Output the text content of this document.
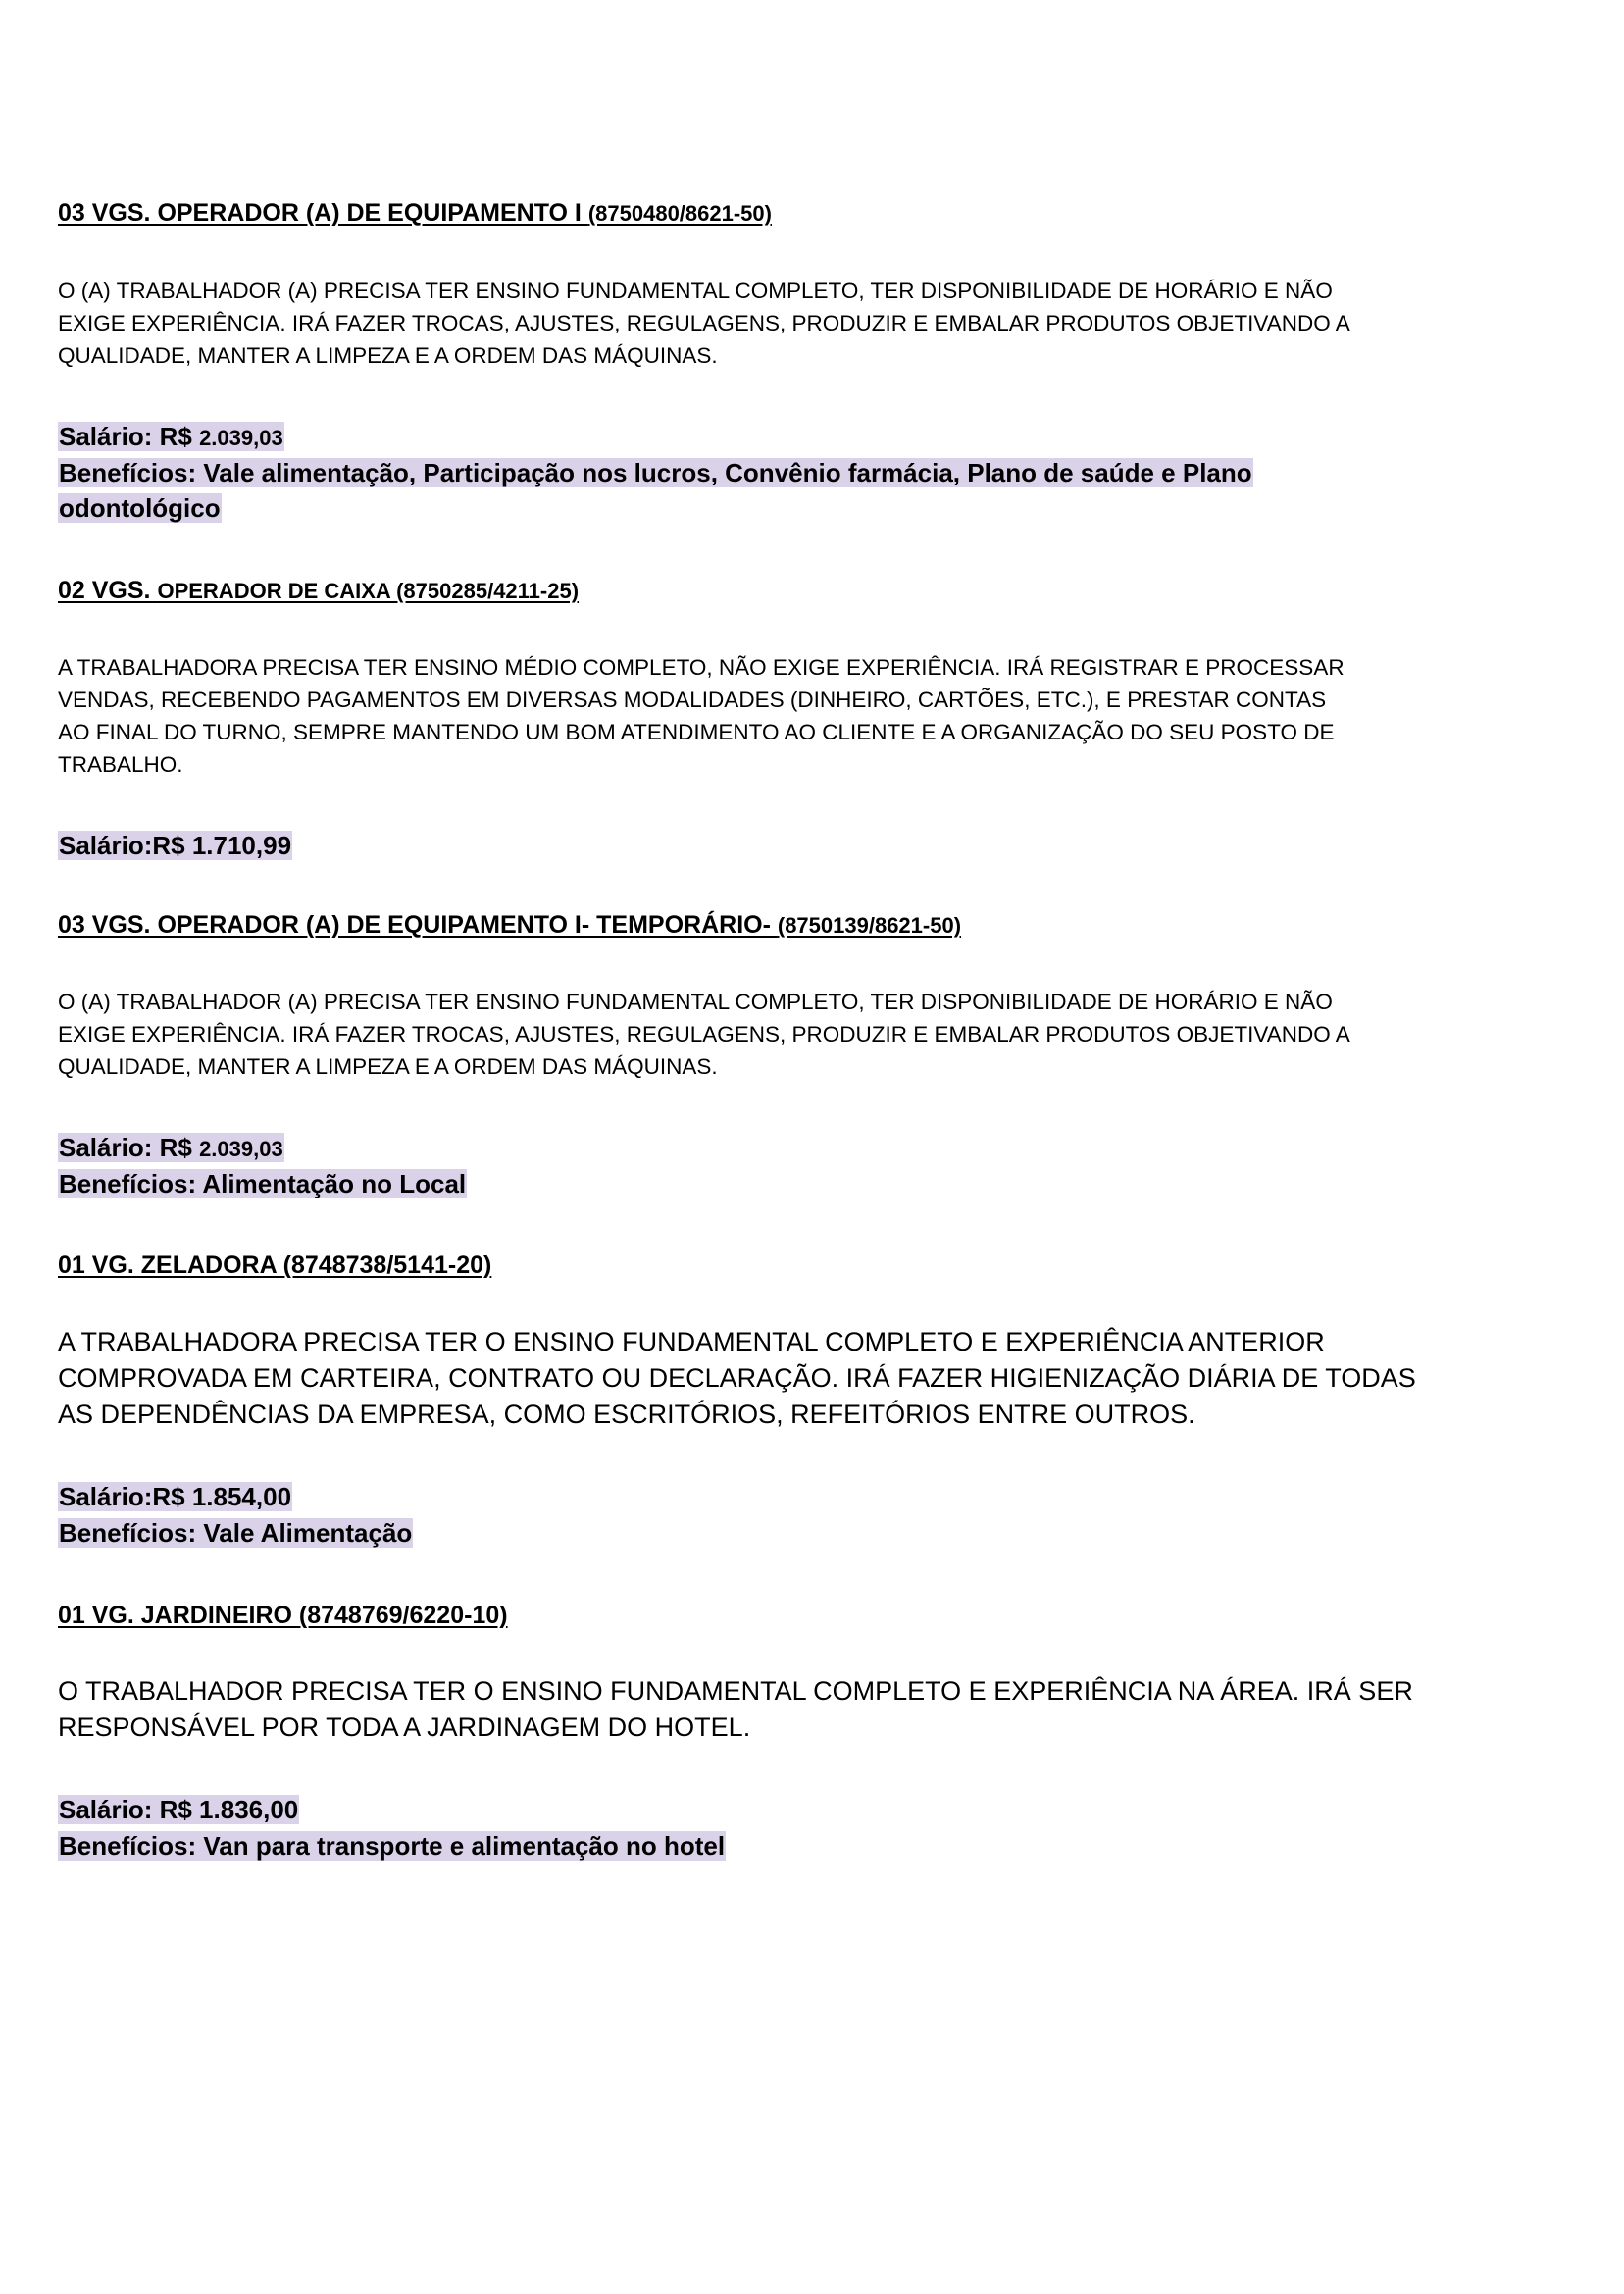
03 VGS. OPERADOR (A) DE EQUIPAMENTO I (8750480/8621-50)

O (A) TRABALHADOR (A) PRECISA TER ENSINO FUNDAMENTAL COMPLETO, TER DISPONIBILIDADE DE HORÁRIO E NÃO
EXIGE EXPERIÊNCIA. IRÁ FAZER TROCAS, AJUSTES, REGULAGENS, PRODUZIR E EMBALAR PRODUTOS OBJETIVANDO A
QUALIDADE, MANTER A LIMPEZA E A ORDEM DAS MÁQUINAS.

Salário: R$ 2.039,03

Benefícios: Vale alimentação, Participação nos lucros, Convênio farmácia, Plano de saúde e Plano

odontológico

02 VGS. OPERADOR DE CAIXA (8750285/4211-25)

A TRABALHADORA PRECISA TER ENSINO MÉDIO COMPLETO, NÃO EXIGE EXPERIÊNCIA. IRÁ REGISTRAR E PROCESSAR
VENDAS, RECEBENDO PAGAMENTOS EM DIVERSAS MODALIDADES (DINHEIRO, CARTÕES, ETC.), E PRESTAR CONTAS
AO FINAL DO TURNO, SEMPRE MANTENDO UM BOM ATENDIMENTO AO CLIENTE E A ORGANIZAÇÃO DO SEU POSTO DE
TRABALHO.

Salário:R$ 1.710,99

03 VGS. OPERADOR (A) DE EQUIPAMENTO I- TEMPORÁRIO- (8750139/8621-50)

O (A) TRABALHADOR (A) PRECISA TER ENSINO FUNDAMENTAL COMPLETO, TER DISPONIBILIDADE DE HORÁRIO E NÃO
EXIGE EXPERIÊNCIA. IRÁ FAZER TROCAS, AJUSTES, REGULAGENS, PRODUZIR E EMBALAR PRODUTOS OBJETIVANDO A
QUALIDADE, MANTER A LIMPEZA E A ORDEM DAS MÁQUINAS.

Salário: R$ 2.039,03

Benefícios: Alimentação no Local

01 VG. ZELADORA (8748738/5141-20)

A TRABALHADORA PRECISA TER O ENSINO FUNDAMENTAL COMPLETO E EXPERIÊNCIA ANTERIOR
COMPROVADA EM CARTEIRA, CONTRATO OU DECLARAÇÃO. IRÁ FAZER HIGIENIZAÇÃO DIÁRIA DE TODAS
AS DEPENDÊNCIAS DA EMPRESA, COMO ESCRITÓRIOS, REFEITÓRIOS ENTRE OUTROS.

Salário:R$ 1.854,00

Benefícios: Vale Alimentação

01 VG. JARDINEIRO (8748769/6220-10)

O TRABALHADOR PRECISA TER O ENSINO FUNDAMENTAL COMPLETO E EXPERIÊNCIA NA ÁREA. IRÁ SER
RESPONSÁVEL POR TODA A JARDINAGEM DO HOTEL.

Salário: R$ 1.836,00

Benefícios: Van para transporte e alimentação no hotel
